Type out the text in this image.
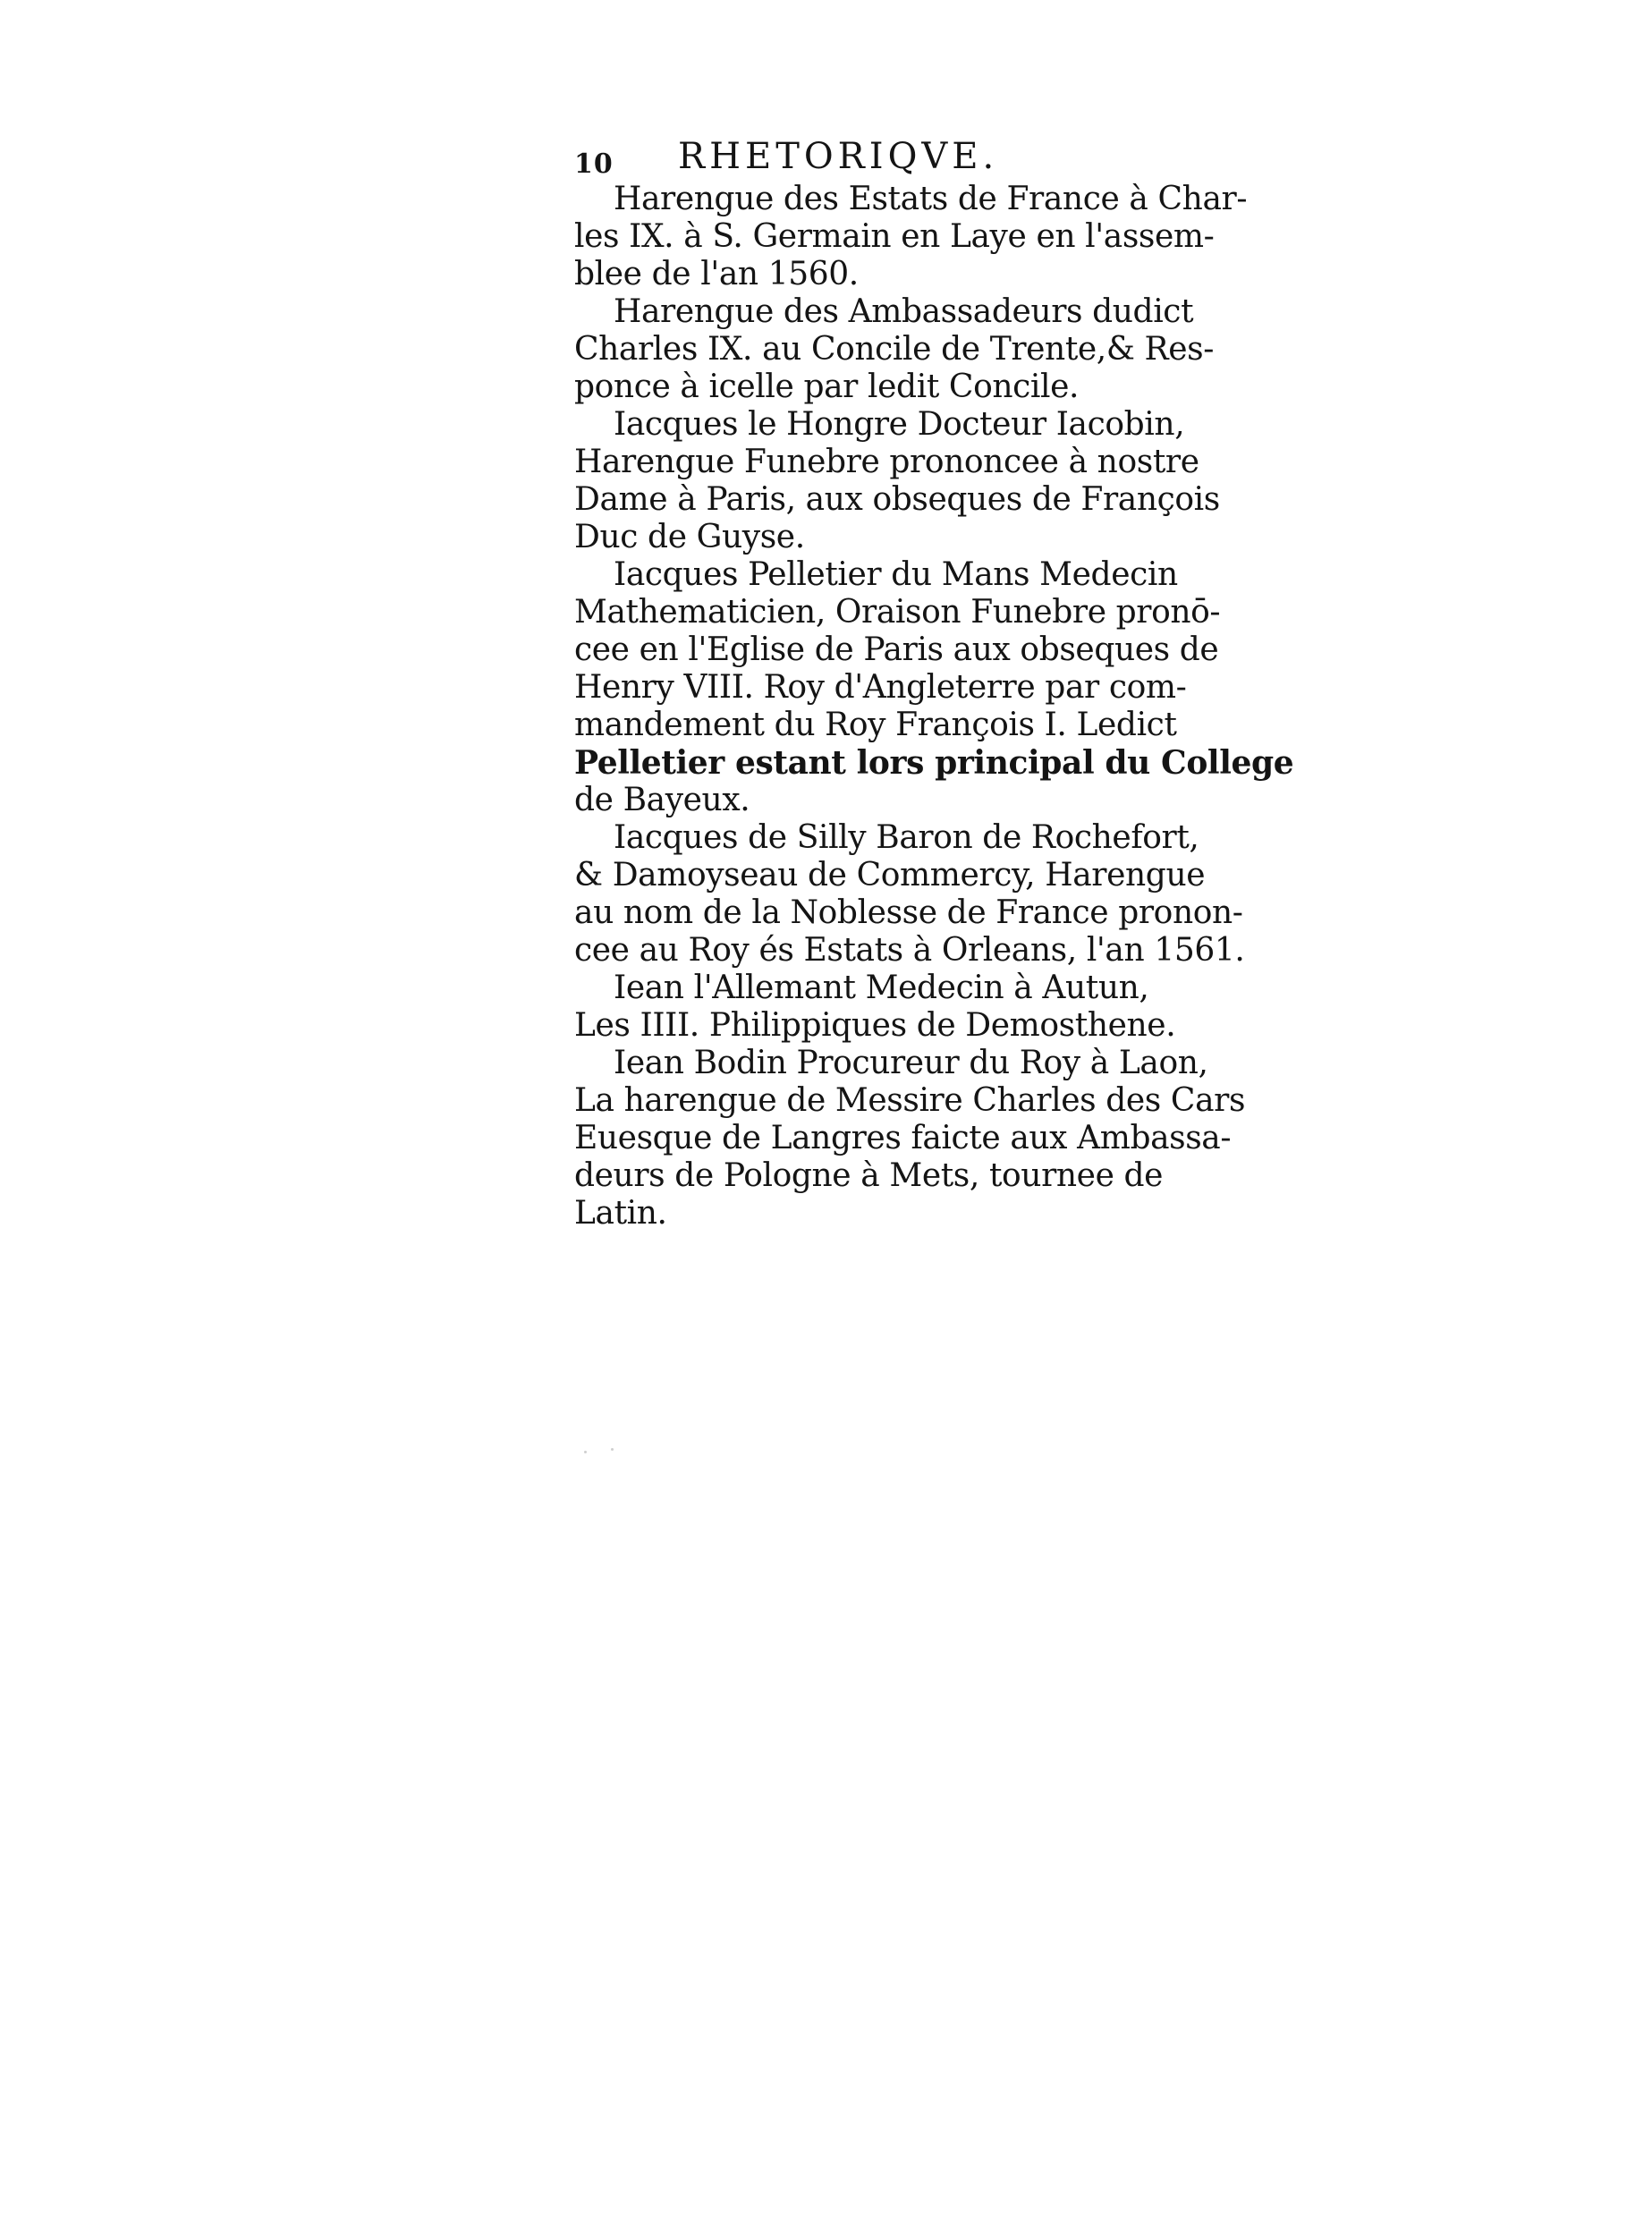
10 RHETORIQVE.
Harengue des Estats de France à Char-
les IX. à S. Germain en Laye en l'assem-
blee de l'an 1560.
Harengue des Ambassadeurs dudict
Charles IX. au Concile de Trente,& Res-
ponce à icelle par ledit Concile.
Iacques le Hongre Docteur Iacobin,
Harengue Funebre prononcee à nostre
Dame à Paris, aux obseques de François
Duc de Guyse.
Iacques Pelletier du Mans Medecin
Mathematicien, Oraison Funebre pronō-
cee en l'Eglise de Paris aux obseques de
Henry VIII. Roy d'Angleterre par com-
mandement du Roy François I. Ledict
Pelletier estant lors principal du College
de Bayeux.
Iacques de Silly Baron de Rochefort,
& Damoyseau de Commercy, Harengue
au nom de la Noblesse de France pronon-
cee au Roy és Estats à Orleans, l'an 1561.
Iean l'Allemant Medecin à Autun,
Les IIII. Philippiques de Demosthene.
Iean Bodin Procureur du Roy à Laon,
La harengue de Messire Charles des Cars
Euesque de Langres faicte aux Ambassa-
deurs de Pologne à Mets, tournee de
Latin.
